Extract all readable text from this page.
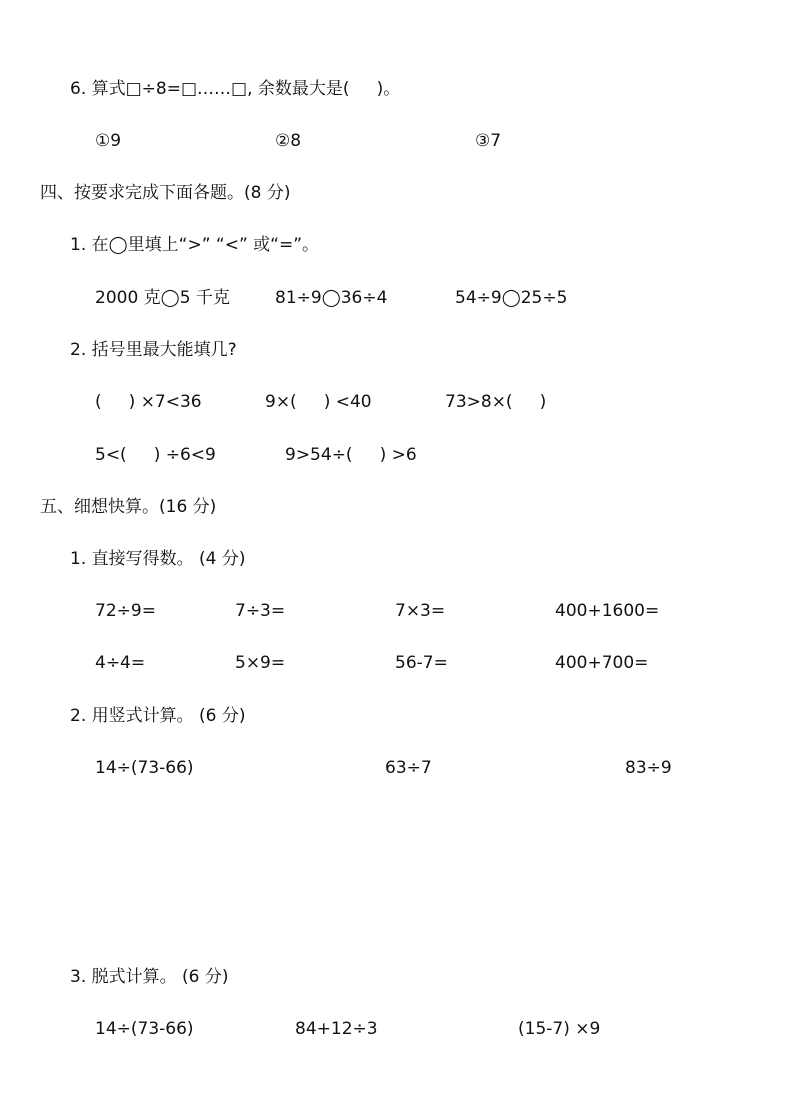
6. 算式□÷8=□……□, 余数最大是(     )。
①9	②8	③7
四、按要求完成下面各题。(8 分)
1. 在◯里填上“>” “<” 或“=”。
2000 克◯5 千克	81÷9◯36÷4	54÷9◯25÷5
2. 括号里最大能填几?
(     ) ×7<36	9×(     ) <40	73>8×(     )
5<(     ) ÷6<9	9>54÷(     ) >6
五、细想快算。(16 分)
1. 直接写得数。 (4 分)
72÷9=	7÷3=	7×3=	400+1600=
4÷4=	5×9=	56-7=	400+700=
2. 用竖式计算。 (6 分)
14÷(73-66)	63÷7	83÷9
3. 脱式计算。 (6 分)
14÷(73-66)	84+12÷3	(15-7) ×9
